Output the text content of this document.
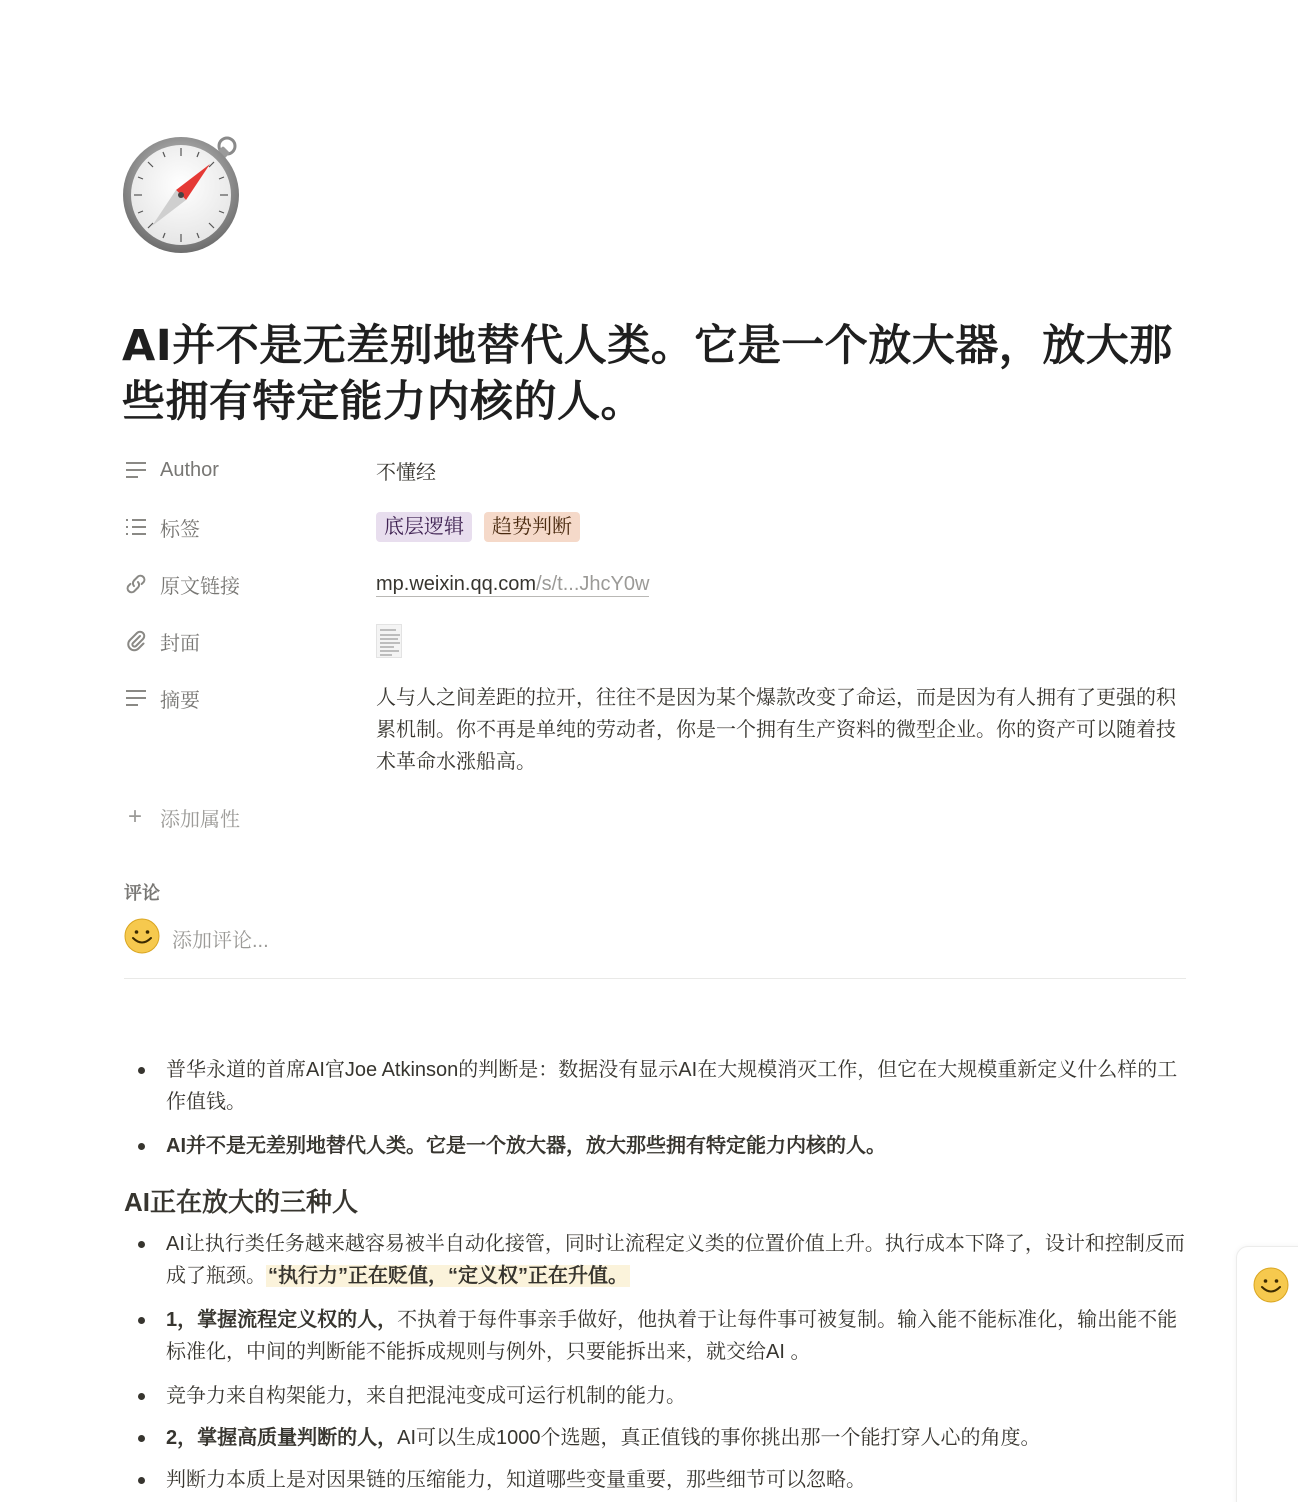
AI并不是无差别地替代人类。它是一个放大器，放大那些拥有特定能力内核的人。
Author	不懂经
标签	底层逻辑	趋势判断
原文链接	mp.weixin.qq.com/s/t...JhcY0w
封面
摘要	人与人之间差距的拉开，往往不是因为某个爆款改变了命运，而是因为有人拥有了更强的积累机制。你不再是单纯的劳动者，你是一个拥有生产资料的微型企业。你的资产可以随着技术革命水涨船高。
+ 添加属性
评论
添加评论...
普华永道的首席AI官Joe Atkinson的判断是：数据没有显示AI在大规模消灭工作，但它在大规模重新定义什么样的工作值钱。
AI并不是无差别地替代人类。它是一个放大器，放大那些拥有特定能力内核的人。
AI正在放大的三种人
AI让执行类任务越来越容易被半自动化接管，同时让流程定义类的位置价值上升。执行成本下降了，设计和控制反而成了瓶颈。 “执行力”正在贬值，“定义权”正在升值。
1，掌握流程定义权的人，不执着于每件事亲手做好，他执着于让每件事可被复制。输入能不能标准化，输出能不能标准化，中间的判断能不能拆成规则与例外，只要能拆出来，就交给AI 。
竞争力来自构架能力，来自把混沌变成可运行机制的能力。
2，掌握高质量判断的人，AI可以生成1000个选题，真正值钱的事你挑出那一个能打穿人心的角度。
判断力本质上是对因果链的压缩能力，知道哪些变量重要，那些细节可以忽略。
